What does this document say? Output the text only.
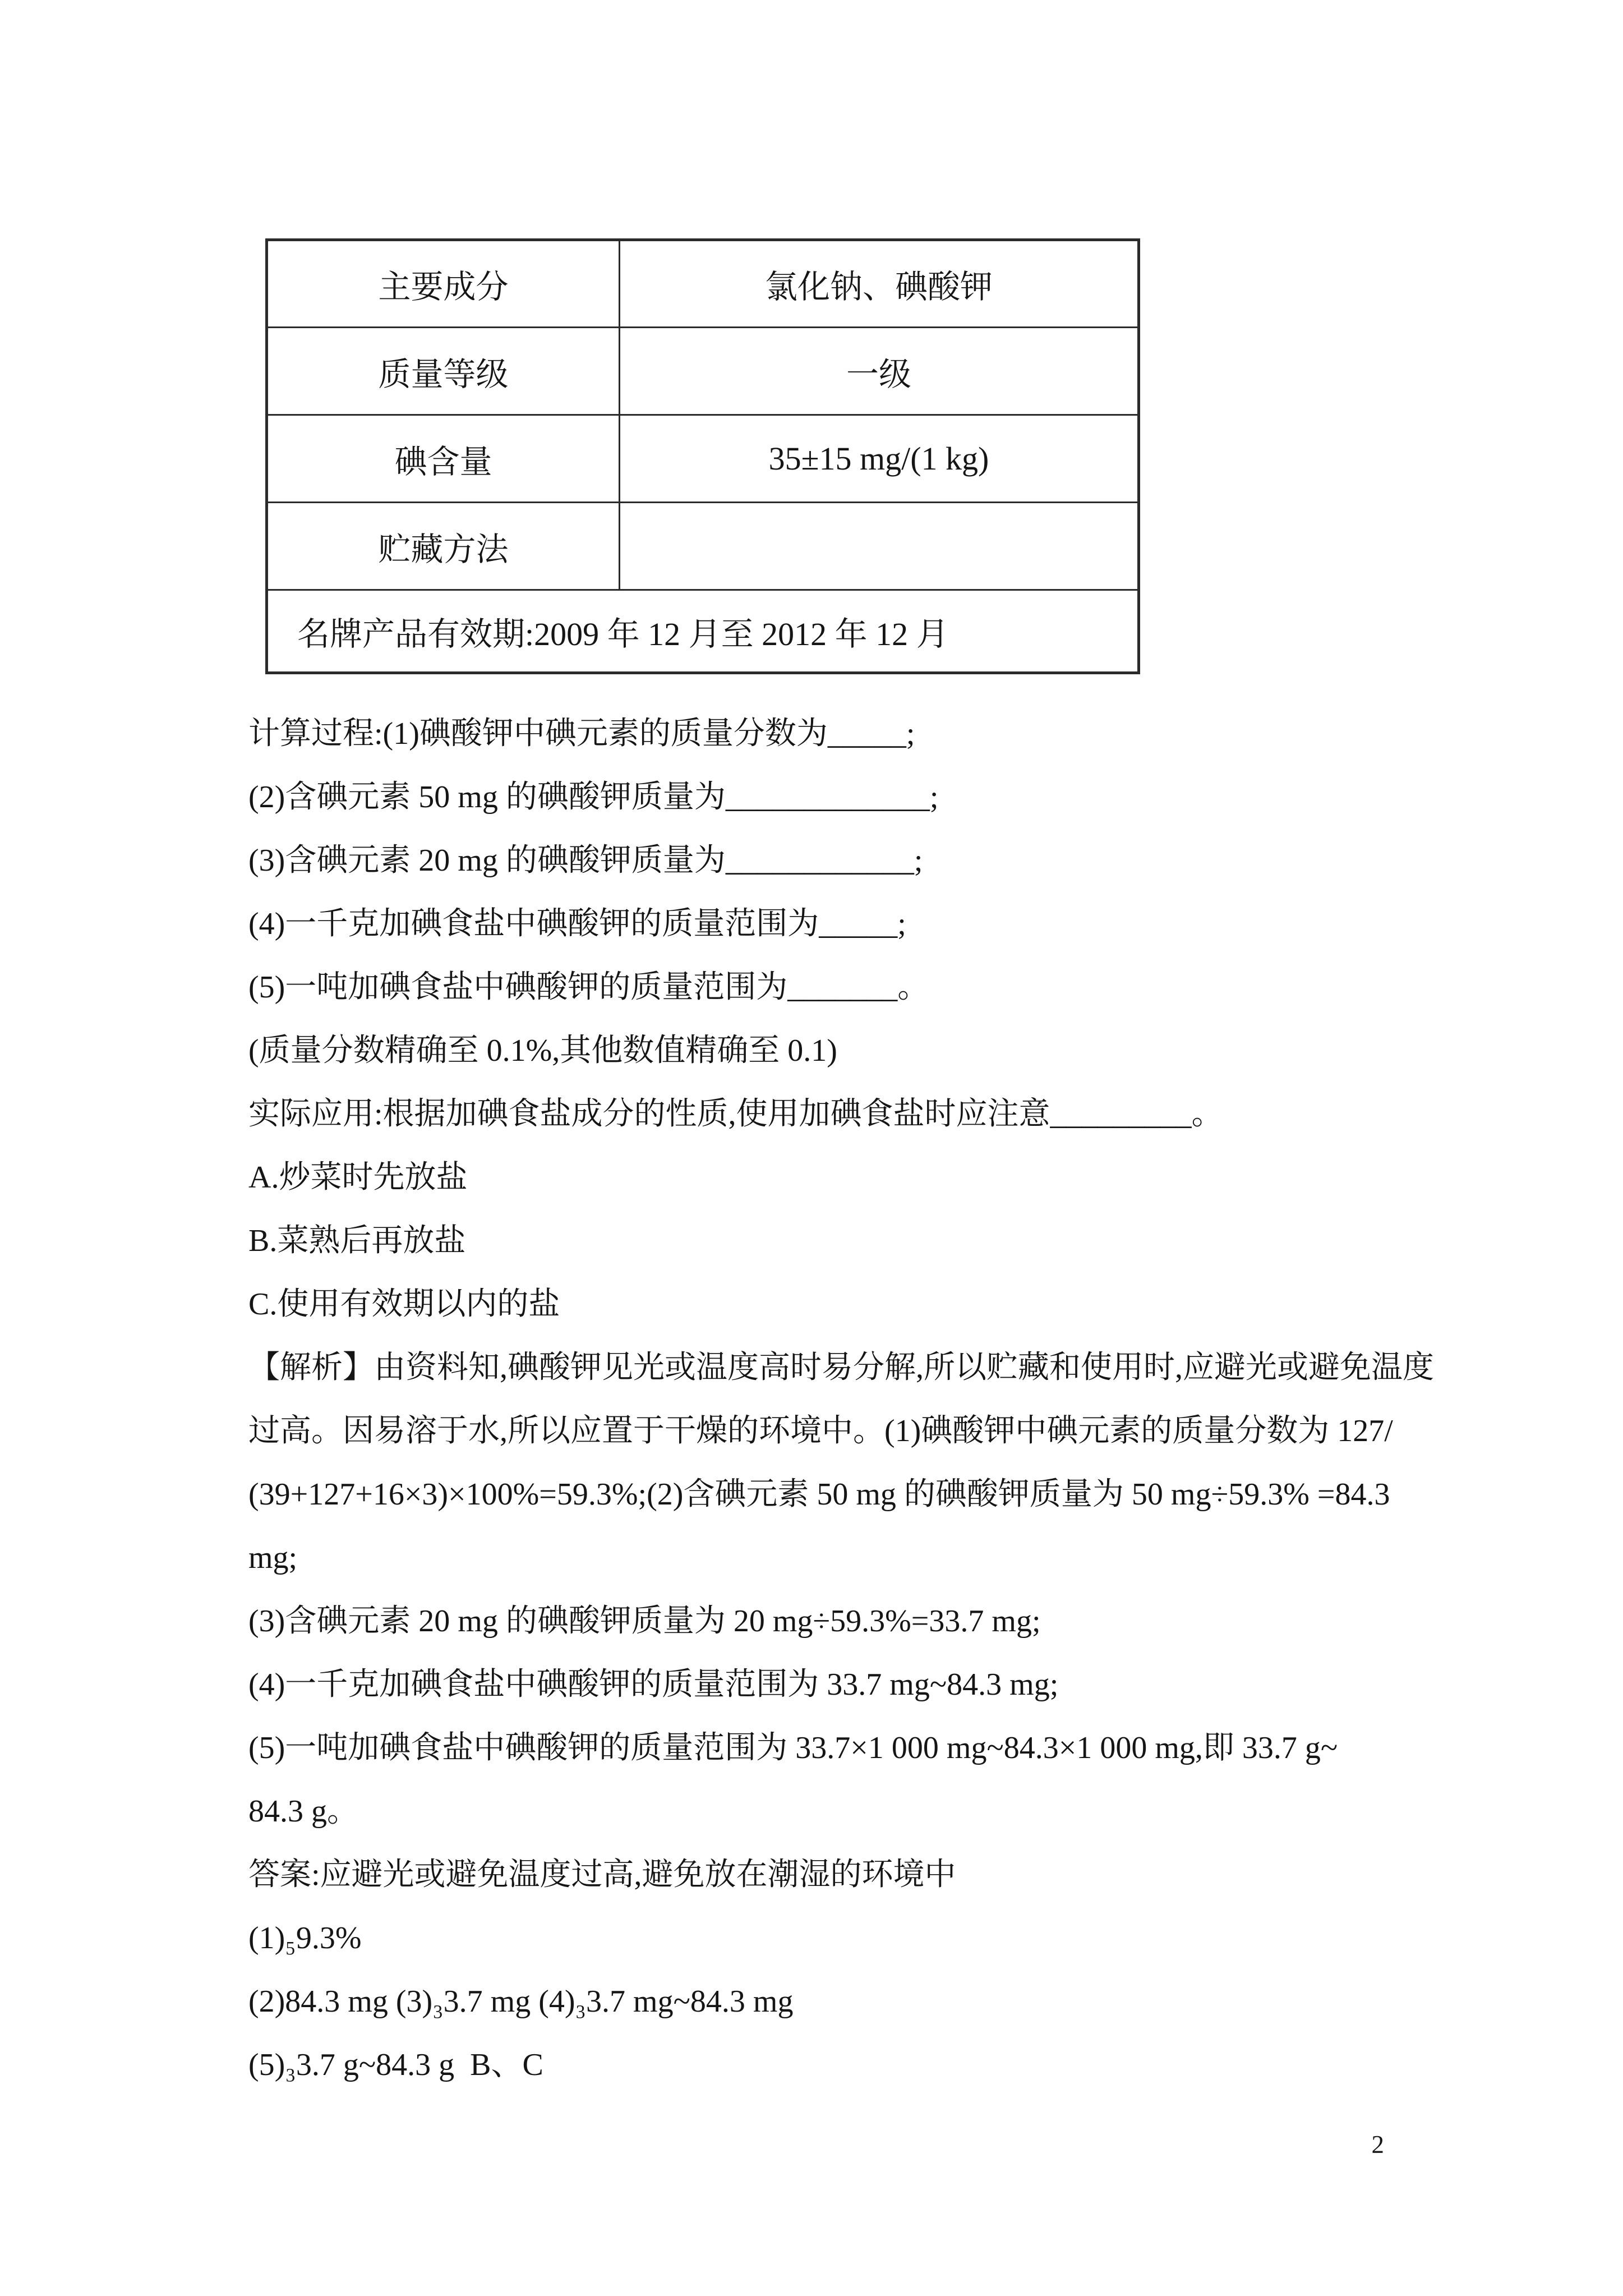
主要成分	氯化钠、碘酸钾
质量等级	一级
碘含量	35±15 mg/(1 kg)
贮藏方法	
名牌产品有效期:2009 年 12 月至 2012 年 12 月	

计算过程:(1)碘酸钾中碘元素的质量分数为_____;

(2)含碘元素 50 mg 的碘酸钾质量为_____________;

(3)含碘元素 20 mg 的碘酸钾质量为____________;

(4)一千克加碘食盐中碘酸钾的质量范围为_____;

(5)一吨加碘食盐中碘酸钾的质量范围为_______。

(质量分数精确至 0.1%,其他数值精确至 0.1)

实际应用:根据加碘食盐成分的性质,使用加碘食盐时应注意_________。

A.炒菜时先放盐

B.菜熟后再放盐

C.使用有效期以内的盐

【解析】由资料知,碘酸钾见光或温度高时易分解,所以贮藏和使用时,应避光或避免温度

过高。因易溶于水,所以应置于干燥的环境中。(1)碘酸钾中碘元素的质量分数为 127/

(39+127+16×3)×100%=59.3%;(2)含碘元素 50 mg 的碘酸钾质量为 50 mg÷59.3% =84.3

mg;

(3)含碘元素 20 mg 的碘酸钾质量为 20 mg÷59.3%=33.7 mg;

(4)一千克加碘食盐中碘酸钾的质量范围为 33.7 mg~84.3 mg;

(5)一吨加碘食盐中碘酸钾的质量范围为 33.7×1 000 mg~84.3×1 000 mg,即 33.7 g~

84.3 g。

答案:应避光或避免温度过高,避免放在潮湿的环境中

(1)₅9.3%

(2)84.3 mg (3)₃3.7 mg (4)₃3.7 mg~84.3 mg

(5)₃3.7 g~84.3 g  B、C

2
